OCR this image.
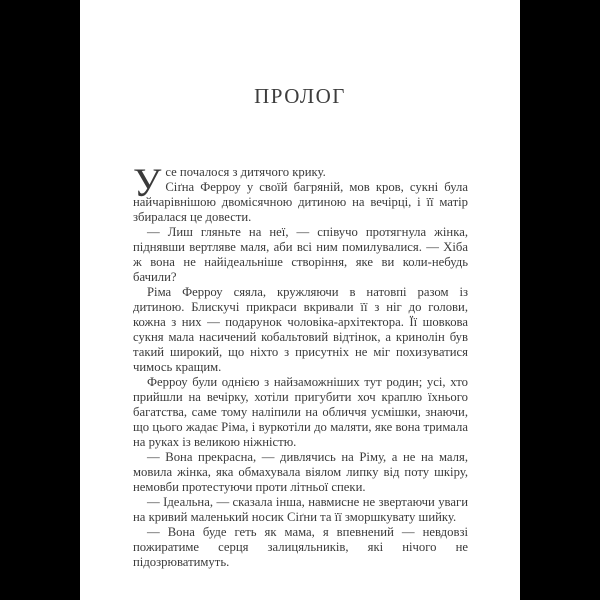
ПРОЛОГ
У се почалося з дитячого крику.

Сіґна Ферроу у своїй багряній, мов кров, сукні була найчарівнішою двомісячною дитиною на вечірці, і її матір збиралася це довести.

— Лиш гляньте на неї, — співучо протягнула жінка, піднявши вертляве маля, аби всі ним помилувалися. — Хіба ж вона не найідеальніше створіння, яке ви коли-небудь бачили?

Ріма Ферроу сяяла, кружляючи в натовпі разом із дитиною. Блискучі прикраси вкривали її з ніг до голови, кожна з них — подарунок чоловіка-архітектора. Її шовкова сукня мала насичений кобальтовий відтінок, а кринолін був такий широкий, що ніхто з присутніх не міг похизуватися чимось кращим.

Ферроу були однією з найзаможніших тут родин; усі, хто прийшли на вечірку, хотіли пригубити хоч краплю їхнього багатства, саме тому наліпили на обличчя усмішки, знаючи, що цього жадає Ріма, і вуркотіли до маляти, яке вона тримала на руках із великою ніжністю.

— Вона прекрасна, — дивлячись на Ріму, а не на маля, мовила жінка, яка обмахувала віялом липку від поту шкіру, немовби протестуючи проти літньої спеки.

— Ідеальна, — сказала інша, навмисне не звертаючи уваги на кривий маленький носик Сіґни та її зморшкувату шийку.

— Вона буде геть як мама, я впевнений — невдовзі пожиратиме серця залицяльників, які нічого не підозрюватимуть.
